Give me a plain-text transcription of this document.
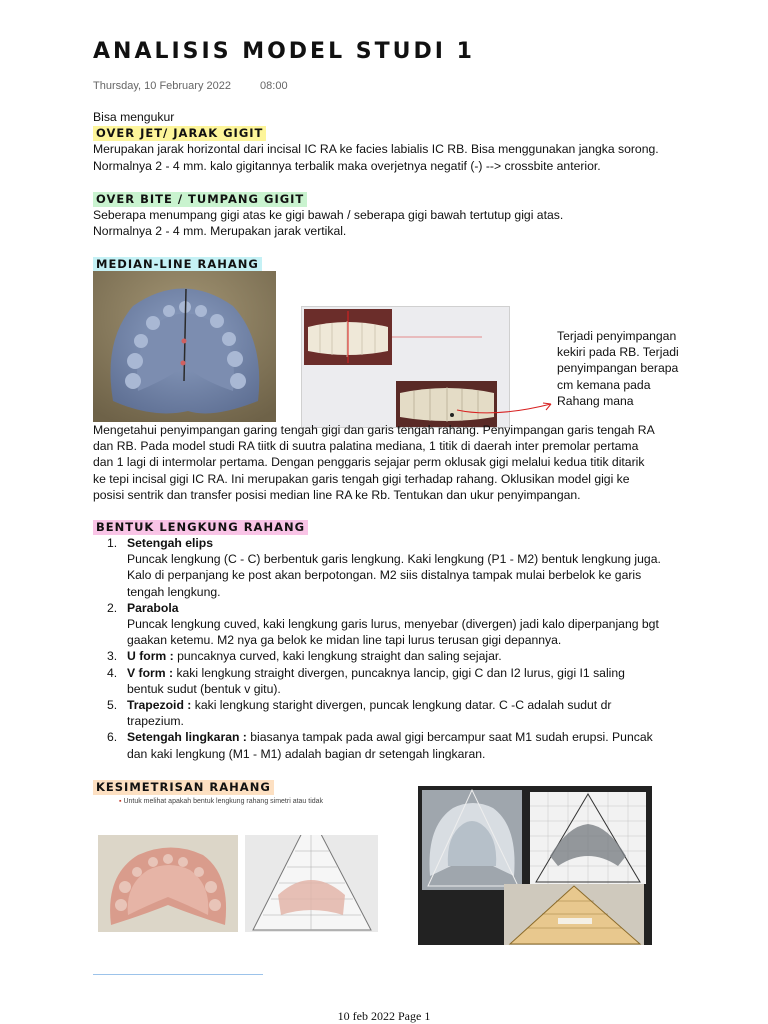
ANALISIS MODEL STUDI 1
Thursday, 10 February 2022	08:00

Bisa mengukur

OVER JET/ JARAK GIGIT

Merupakan jarak horizontal dari incisal IC RA ke facies labialis IC RB. Bisa menggunakan jangka sorong.

Normalnya 2 - 4 mm. kalo gigitannya terbalik maka overjetnya negatif (-) --> crossbite anterior.

OVER BITE / TUMPANG GIGIT

Seberapa menumpang gigi atas ke gigi bawah / seberapa gigi bawah tertutup gigi atas.

Normalnya 2 - 4 mm. Merupakan jarak vertikal.

MEDIAN-LINE RAHANG

Terjadi penyimpangan

kekiri pada RB. Terjadi

penyimpangan berapa

cm kemana pada

Rahang mana

Mengetahui penyimpangan garing tengah gigi dan garis tengah rahang. Penyimpangan garis tengah RA

dan RB. Pada model studi RA tiitk di suutra palatina mediana, 1 titik di daerah inter premolar pertama

dan 1 lagi di intermolar pertama. Dengan penggaris sejajar perm oklusak gigi melalui kedua titik ditarik

ke tepi incisal gigi IC RA. Ini merupakan garis tengah gigi terhadap rahang. Oklusikan model gigi ke

posisi sentrik dan transfer posisi median line RA ke Rb. Tentukan dan ukur penyimpangan.

BENTUK LENGKUNG RAHANG
1. Setengah elips

Puncak lengkung (C - C) berbentuk garis lengkung. Kaki lengkung (P1 - M2) bentuk lengkung juga.

Kalo di perpanjang ke post akan berpotongan. M2 siis distalnya tampak mulai berbelok ke garis

tengah lengkung.

2. Parabola

Puncak lengkung cuved, kaki lengkung garis lurus, menyebar (divergen) jadi kalo diperpanjang bgt

gaakan ketemu. M2 nya ga belok ke midan line tapi lurus terusan gigi depannya.

3. U form : puncaknya curved, kaki lengkung straight dan saling sejajar.

4. V form : kaki lengkung straight divergen, puncaknya lancip, gigi C dan I2 lurus, gigi I1 saling

bentuk sudut (bentuk v gitu).

5. Trapezoid : kaki lengkung staright divergen, puncak lengkung datar. C -C adalah sudut dr

trapezium.

6. Setengah lingkaran : biasanya tampak pada awal gigi bercampur saat M1 sudah erupsi. Puncak

dan kaki lengkung (M1 - M1) adalah bagian dr setengah lingkaran.

KESIMETRISAN RAHANG
▪ Untuk melihat apakah bentuk lengkung rahang simetri atau tidak
10 feb 2022 Page 1
